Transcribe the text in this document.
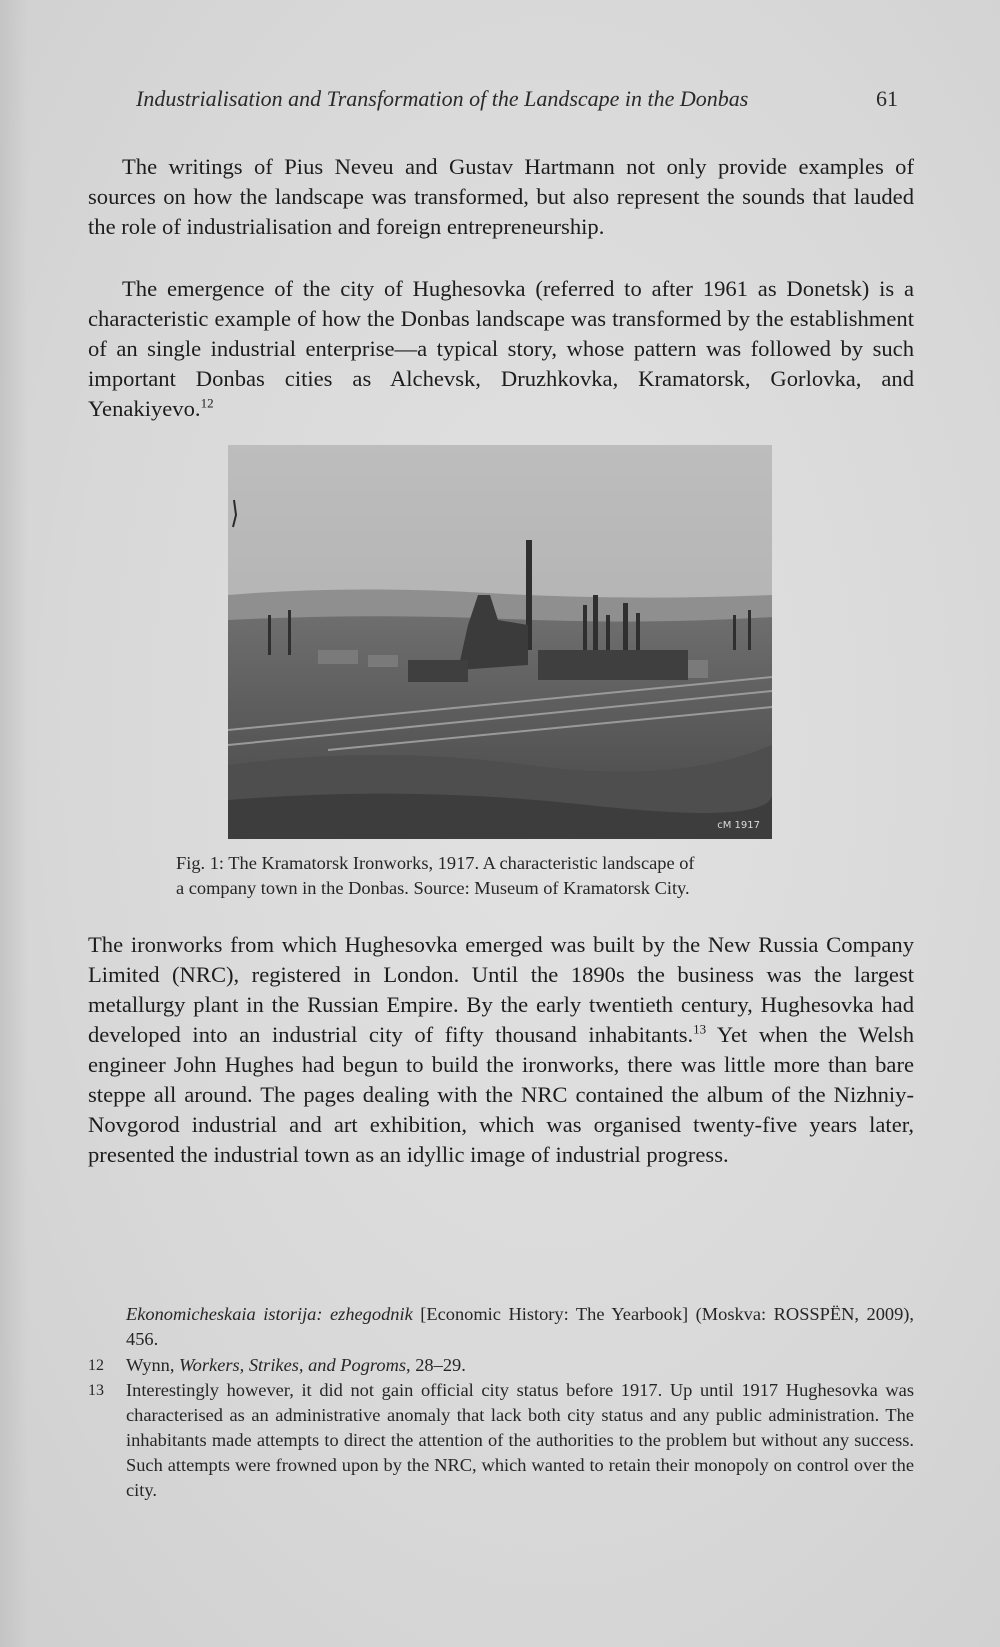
Industrialisation and Transformation of the Landscape in the Donbas	61

The writings of Pius Neveu and Gustav Hartmann not only provide examples of sources on how the landscape was transformed, but also represent the sounds that lauded the role of industrialisation and foreign entrepreneurship.

The emergence of the city of Hughesovka (referred to after 1961 as Donetsk) is a characteristic example of how the Donbas landscape was transformed by the establishment of an single industrial enterprise—a typical story, whose pattern was followed by such important Donbas cities as Alchevsk, Druzhkovka, Kramatorsk, Gorlovka, and Yenakiyevo.$^{12}$

сМ 1917
Fig. 1: The Kramatorsk Ironworks, 1917. A characteristic landscape of
a company town in the Donbas. Source: Museum of Kramatorsk City.

The ironworks from which Hughesovka emerged was built by the New Russia Company Limited (NRC), registered in London. Until the 1890s the business was the largest metallurgy plant in the Russian Empire. By the early twentieth century, Hughesovka had developed into an industrial city of fifty thousand inhabitants.$^{13}$ Yet when the Welsh engineer John Hughes had begun to build the ironworks, there was little more than bare steppe all around. The pages dealing with the NRC contained the album of the Nizhniy-Novgorod industrial and art exhibition, which was organised twenty-five years later, presented the industrial town as an idyllic image of industrial progress.

Ekonomicheskaia istorija: ezhegodnik [Economic History: The Yearbook] (Moskva: ROSSPËN, 2009), 456.

12 Wynn, Workers, Strikes, and Pogroms, 28–29.

13 Interestingly however, it did not gain official city status before 1917. Up until 1917 Hughesovka was characterised as an administrative anomaly that lack both city status and any public administration. The inhabitants made attempts to direct the attention of the authorities to the problem but without any success. Such attempts were frowned upon by the NRC, which wanted to retain their monopoly on control over the city.
